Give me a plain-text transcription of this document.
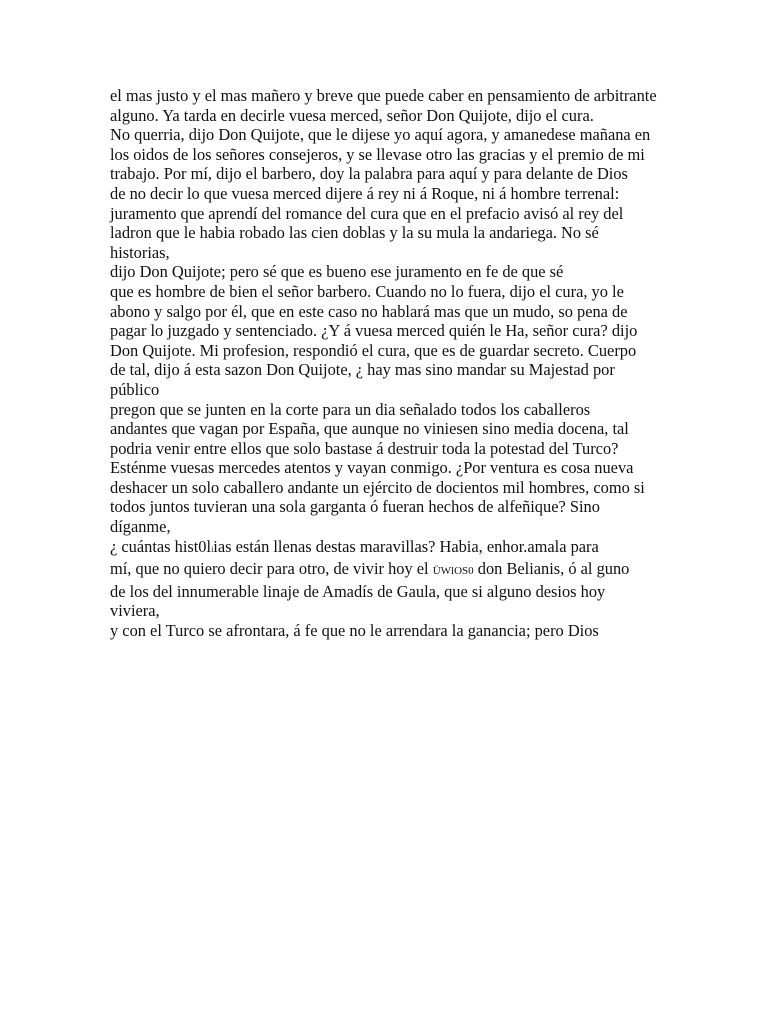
el mas justo y el mas mañero y breve que puede caber en pensamiento de arbitrante
alguno. Ya tarda en decirle vuesa merced, señor Don Quijote, dijo el cura.
No querria, dijo Don Quijote, que le dijese yo aquí agora, y amanedese mañana en
los oidos de los señores consejeros, y se llevase otro las gracias y el premio de mi
trabajo. Por mí, dijo el barbero, doy la palabra para aquí y para delante de Dios
de no decir lo que vuesa merced dijere á rey ni á Roque, ni á hombre terrenal:
juramento que aprendí del romance del cura que en el prefacio avisó al rey del
ladron que le habia robado las cien doblas y la su mula la andariega. No sé historias,
dijo Don Quijote; pero sé que es bueno ese juramento en fe de que sé
que es hombre de bien el señor barbero. Cuando no lo fuera, dijo el cura, yo le
abono y salgo por él, que en este caso no hablará mas que un mudo, so pena de
pagar lo juzgado y sentenciado. ¿Y á vuesa merced quién le Ha, señor cura? dijo
Don Quijote. Mi profesion, respondió el cura, que es de guardar secreto. Cuerpo
de tal, dijo á esta sazon Don Quijote, ¿ hay mas sino mandar su Majestad por público
pregon que se junten en la corte para un dia señalado todos los caballeros
andantes que vagan por España, que aunque no viniesen sino media docena, tal
podria venir entre ellos que solo bastase á destruir toda la potestad del Turco?
Esténme vuesas mercedes atentos y vayan conmigo. ¿Por ventura es cosa nueva
deshacer un solo caballero andante un ejército de docientos mil hombres, como si
todos juntos tuvieran una sola garganta ó fueran hechos de alfeñique? Sino díganme,
¿ cuántas hist0liias están llenas destas maravillas? Habia, enhor.amala para
mí, que no quiero decir para otro, de vivir hoy el ÜWlOS0 don Belianis, ó al guno
de los del innumerable linaje de Amadís de Gaula, que si alguno desios hoy viviera,
y con el Turco se afrontara, á fe que no le arrendara la ganancia; pero Dios
